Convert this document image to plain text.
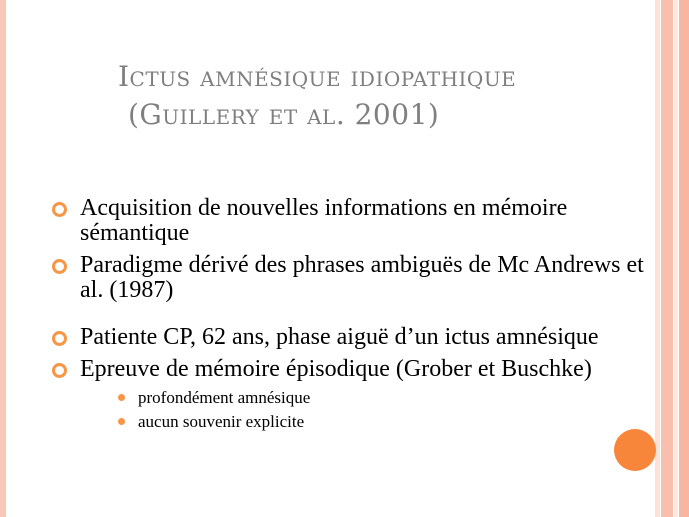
Ictus amnésique idiopathique
(Guillery et al. 2001)
Acquisition de nouvelles informations en mémoire sémantique
Paradigme dérivé des phrases ambiguës de Mc Andrews et al. (1987)
Patiente CP, 62 ans, phase aiguë d’un ictus amnésique
Epreuve de mémoire épisodique (Grober et Buschke)
profondément amnésique
aucun souvenir explicite
